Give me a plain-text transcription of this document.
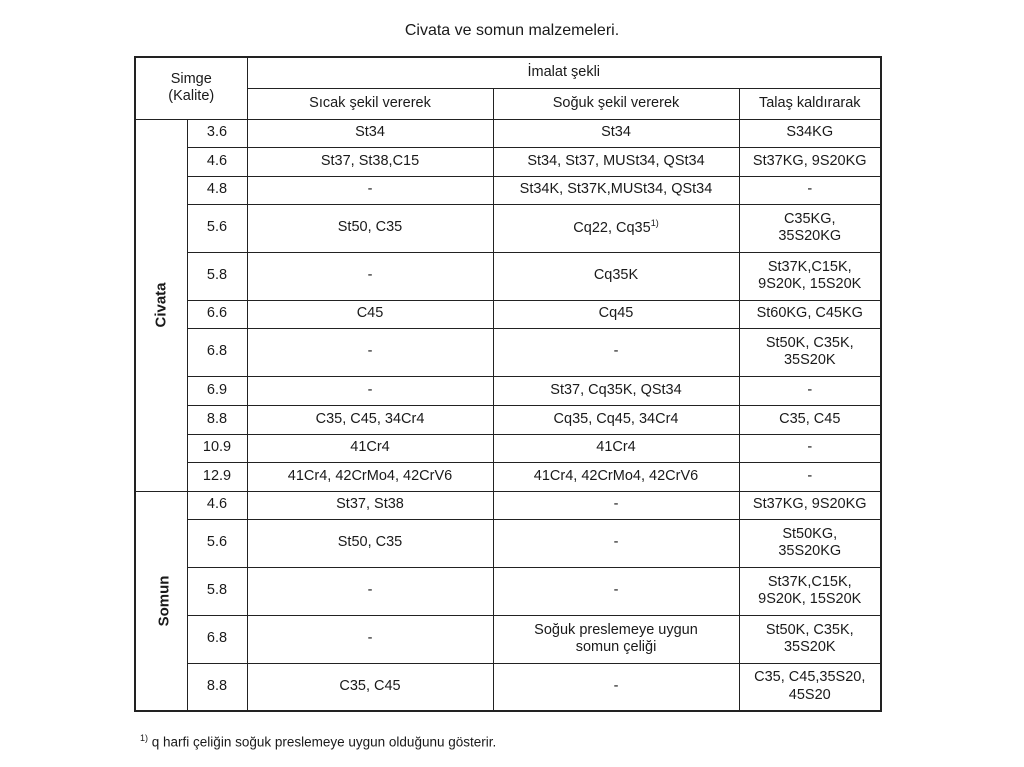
Civata ve somun malzemeleri.
Simge
(Kalite)		İmalat şekli		
		Sıcak şekil vererek	Soğuk şekil vererek	Talaş kaldırarak
Civata	3.6	St34	St34	S34KG
	4.6	St37, St38,C15	St34, St37, MUSt34, QSt34	St37KG, 9S20KG
	4.8	-	St34K, St37K,MUSt34, QSt34	-
	5.6	St50, C35	Cq22, Cq35$^{1)}$	C35KG,
35S20KG
	5.8	-	Cq35K	St37K,C15K,
9S20K, 15S20K
	6.6	C45	Cq45	St60KG, C45KG
	6.8	-	-	St50K, C35K,
35S20K
	6.9	-	St37, Cq35K, QSt34	-
	8.8	C35, C45, 34Cr4	Cq35, Cq45, 34Cr4	C35, C45
	10.9	41Cr4	41Cr4	-
	12.9	41Cr4, 42CrMo4, 42CrV6	41Cr4, 42CrMo4, 42CrV6	-
Somun	4.6	St37, St38	-	St37KG, 9S20KG
	5.6	St50, C35	-	St50KG,
35S20KG
	5.8	-	-	St37K,C15K,
9S20K, 15S20K
	6.8	-	Soğuk preslemeye uygun
somun çeliği	St50K, C35K,
35S20K
	8.8	C35, C45	-	C35, C45,35S20,
45S20
$^{1)}$ q harfi çeliğin soğuk preslemeye uygun olduğunu gösterir.
